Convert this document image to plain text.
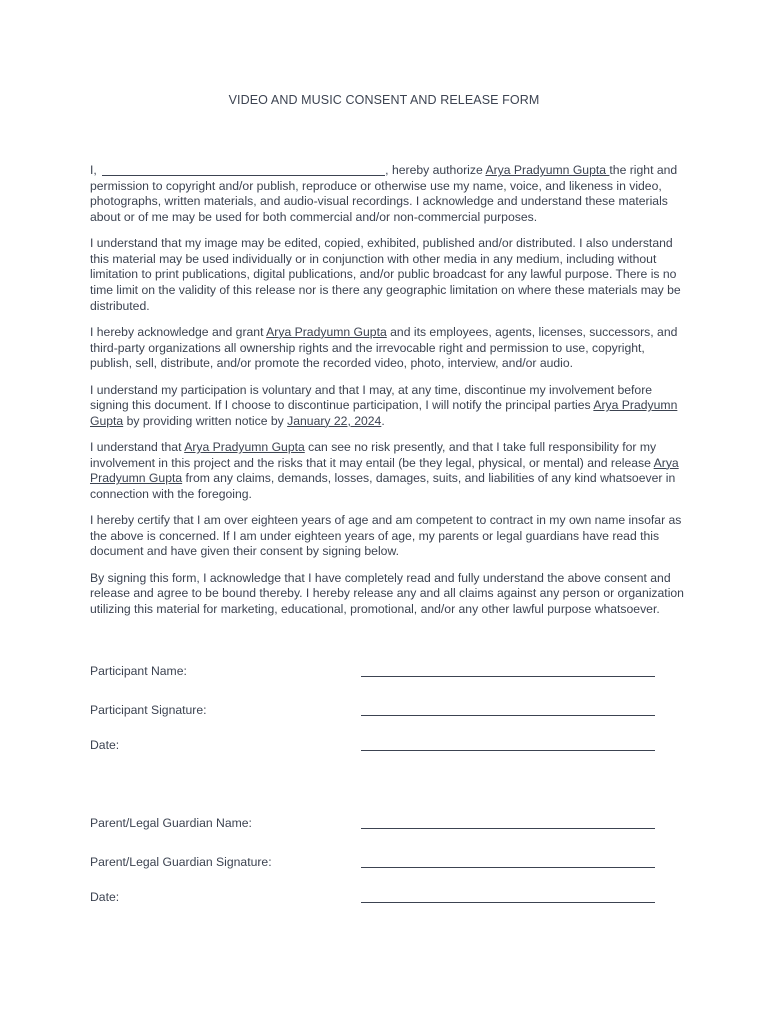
VIDEO AND MUSIC CONSENT AND RELEASE FORM

I,	, hereby authorize Arya Pradyumn Gupta the right and permission to copyright and/or publish, reproduce or otherwise use my name, voice, and likeness in video, photographs, written materials, and audio-visual recordings. I acknowledge and understand these materials about or of me may be used for both commercial and/or non-commercial purposes.

I understand that my image may be edited, copied, exhibited, published and/or distributed. I also understand this material may be used individually or in conjunction with other media in any medium, including without limitation to print publications, digital publications, and/or public broadcast for any lawful purpose. There is no time limit on the validity of this release nor is there any geographic limitation on where these materials may be distributed.

I hereby acknowledge and grant Arya Pradyumn Gupta and its employees, agents, licenses, successors, and third-party organizations all ownership rights and the irrevocable right and permission to use, copyright, publish, sell, distribute, and/or promote the recorded video, photo, interview, and/or audio.

I understand my participation is voluntary and that I may, at any time, discontinue my involvement before signing this document. If I choose to discontinue participation, I will notify the principal parties Arya Pradyumn Gupta by providing written notice by January 22, 2024.

I understand that Arya Pradyumn Gupta can see no risk presently, and that I take full responsibility for my involvement in this project and the risks that it may entail (be they legal, physical, or mental) and release Arya Pradyumn Gupta from any claims, demands, losses, damages, suits, and liabilities of any kind whatsoever in connection with the foregoing.

I hereby certify that I am over eighteen years of age and am competent to contract in my own name insofar as the above is concerned. If I am under eighteen years of age, my parents or legal guardians have read this document and have given their consent by signing below.

By signing this form, I acknowledge that I have completely read and fully understand the above consent and release and agree to be bound thereby. I hereby release any and all claims against any person or organization utilizing this material for marketing, educational, promotional, and/or any other lawful purpose whatsoever.

Participant Name:
Participant Signature:
Date:
Parent/Legal Guardian Name:
Parent/Legal Guardian Signature:
Date:
